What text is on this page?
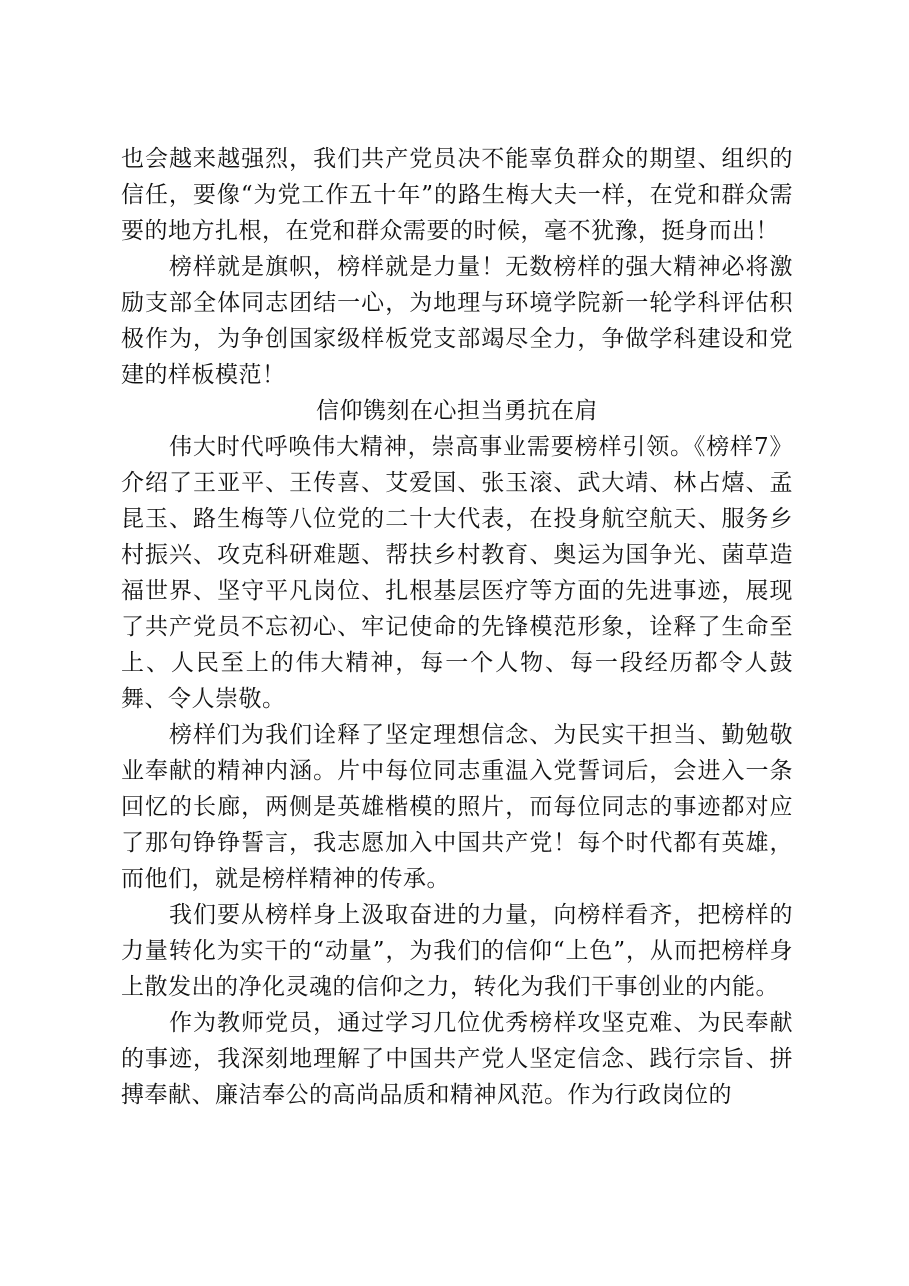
也会越来越强烈，我们共产党员决不能辜负群众的期望、组织的信任，要像“为党工作五十年”的路生梅大夫一样，在党和群众需要的地方扎根，在党和群众需要的时候，毫不犹豫，挺身而出！

榜样就是旗帜，榜样就是力量！无数榜样的强大精神必将激励支部全体同志团结一心，为地理与环境学院新一轮学科评估积极作为，为争创国家级样板党支部竭尽全力，争做学科建设和党建的样板模范！

信仰镌刻在心担当勇抗在肩

伟大时代呼唤伟大精神，崇高事业需要榜样引领。《榜样7》介绍了王亚平、王传喜、艾爱国、张玉滚、武大靖、林占熺、孟昆玉、路生梅等八位党的二十大代表，在投身航空航天、服务乡村振兴、攻克科研难题、帮扶乡村教育、奥运为国争光、菌草造福世界、坚守平凡岗位、扎根基层医疗等方面的先进事迹，展现了共产党员不忘初心、牢记使命的先锋模范形象，诠释了生命至上、人民至上的伟大精神，每一个人物、每一段经历都令人鼓舞、令人崇敬。

榜样们为我们诠释了坚定理想信念、为民实干担当、勤勉敬业奉献的精神内涵。片中每位同志重温入党誓词后，会进入一条回忆的长廊，两侧是英雄楷模的照片，而每位同志的事迹都对应了那句铮铮誓言，我志愿加入中国共产党！每个时代都有英雄，而他们，就是榜样精神的传承。

我们要从榜样身上汲取奋进的力量，向榜样看齐，把榜样的力量转化为实干的“动量”，为我们的信仰“上色”，从而把榜样身上散发出的净化灵魂的信仰之力，转化为我们干事创业的内能。

作为教师党员，通过学习几位优秀榜样攻坚克难、为民奉献的事迹，我深刻地理解了中国共产党人坚定信念、践行宗旨、拼搏奉献、廉洁奉公的高尚品质和精神风范。作为行政岗位的
